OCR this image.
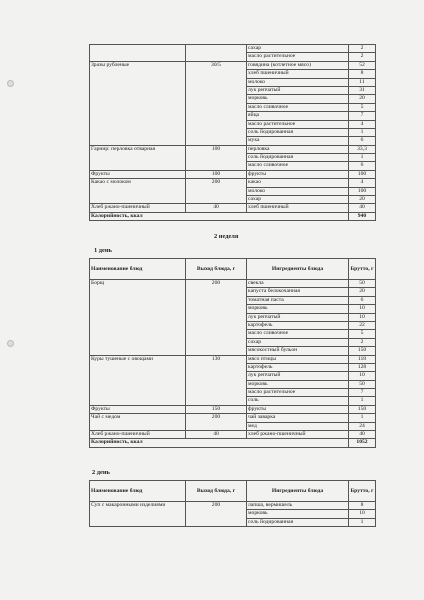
		сахар	2
		масло растительное	2
Зразы рубленые	30/5	говядина (котлетное мясо)	52
		хлеб пшеничный	8
		молоко	11
		лук репчатый	31
		морковь	20
		масло сливочное	5
		яйца	7
		масло растительное	4
		соль йодированная	1
		мука	6
Гарнир: перловка отварная	100	перловка	33,3
		соль йодированная	1
		масло сливочное	6
Фрукты	100	фрукты	100
Какао с молоком	200	какао	4
		молоко	100
		сахар	20
Хлеб ржано-пшеничный	40	хлеб пшеничный	40
Калорийность, ккал			940
2 неделя
1 день
Наименование блюд	Выход блюда, г	Ингредиенты блюда	Брутто, г
Борщ	200	свекла	50
		капуста белокочанная	20
		томатная паста	6
		морковь	10
		лук репчатый	10
		картофель	22
		масло сливочное	5
		сахар	2
		мясокостный бульон	150
Куры тушеные с овощами	130	мясо птицы	118
		картофель	128
		лук репчатый	10
		морковь	50
		масло растительное	7
		соль	1
Фрукты	150	фрукты	150
Чай с медом	200	чай заварка	1
		мед	24
Хлеб ржано-пшеничный	40	хлеб ржано-пшеничный	40
Калорийность, ккал			1052
2 день
Наименование блюд	Выход блюда, г	Ингредиенты блюда	Брутто, г
Суп с макаронными изделиями	200	лапша, вермишель	8
		морковь	10
		соль йодированная	1
